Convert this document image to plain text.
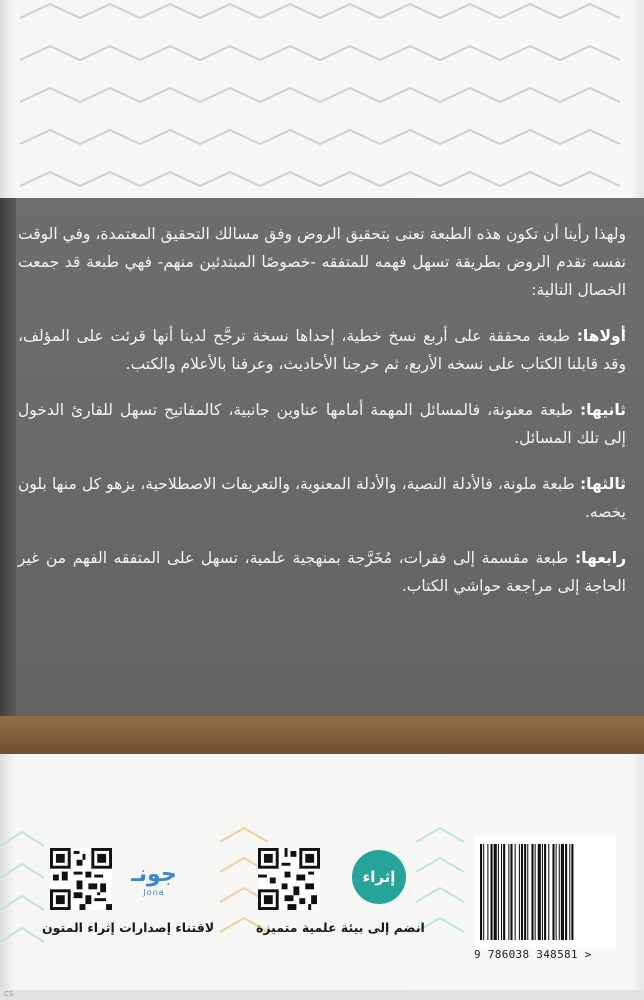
ولهذا رأينا أن تكون هذه الطبعة تعنى بتحقيق الروض وفق مسالك التحقيق المعتمدة، وفي الوقت نفسه تقدم الروض بطريقة تسهل فهمه للمتفقه -خصوصًا المبتدئين منهم- فهي طبعة قد جمعت الخصال التالية:

أولاها: طبعة محققة على أربع نسخ خطية، إحداها نسخة ترجَّح لدينا أنها قرئت على المؤلف، وقد قابلنا الكتاب على نسخه الأربع، ثم خرجنا الأحاديث، وعرفنا بالأعلام والكتب.

ثانيها: طبعة معنونة، فالمسائل المهمة أمامها عناوين جانبية، كالمفاتيح تسهل للقارئ الدخول إلى تلك المسائل.

ثالثها: طبعة ملونة، فالأدلة النصية، والأدلة المعنوية، والتعريفات الاصطلاحية، يزهو كل منها بلون يخصه.

رابعها: طبعة مقسمة إلى فقرات، مُخَرَّجة بمنهجية علمية، تسهل على المتفقه الفهم من غير الحاجة إلى مراجعة حواشي الكتاب.

جونـ
Jona
لاقتناء إصدارات إثراء المتون
إثراء
انضم إلى بيئة علمية متميزة
9 786038 348581 >
CS
